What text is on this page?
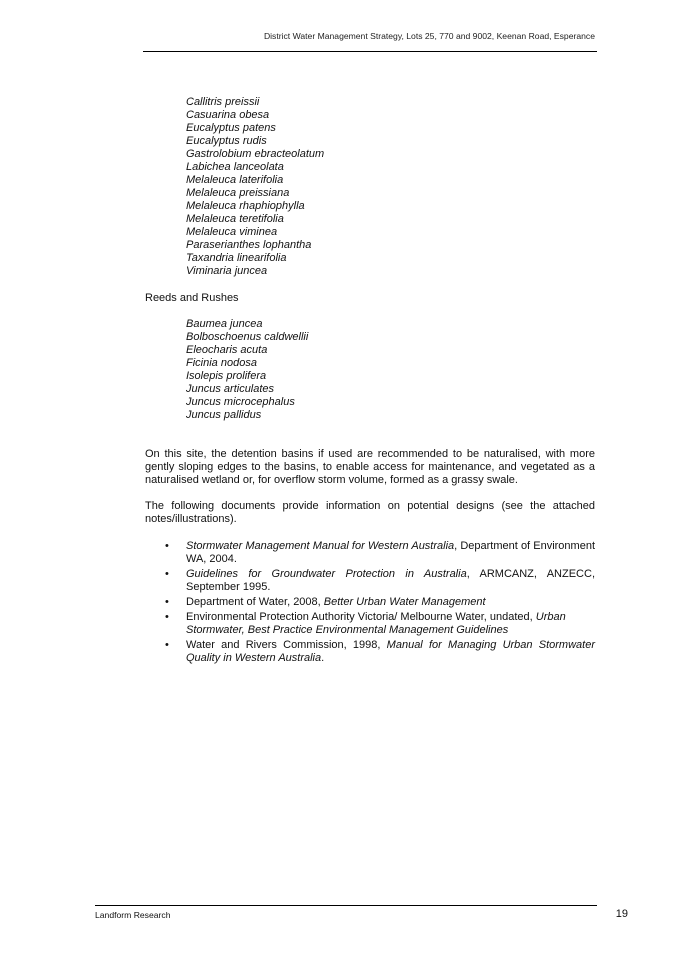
District Water Management Strategy, Lots 25, 770 and 9002, Keenan Road, Esperance
Callitris preissii
Casuarina obesa
Eucalyptus patens
Eucalyptus rudis
Gastrolobium ebracteolatum
Labichea lanceolata
Melaleuca laterifolia
Melaleuca preissiana
Melaleuca rhaphiophylla
Melaleuca teretifolia
Melaleuca viminea
Paraserianthes lophantha
Taxandria linearifolia
Viminaria juncea
Reeds and Rushes
Baumea juncea
Bolboschoenus caldwellii
Eleocharis acuta
Ficinia nodosa
Isolepis prolifera
Juncus articulates
Juncus microcephalus
Juncus pallidus

On this site, the detention basins if used are recommended to be naturalised, with more gently sloping edges to the basins, to enable access for maintenance, and vegetated as a naturalised wetland or, for overflow storm volume, formed as a grassy swale.

The following documents provide information on potential designs (see the attached notes/illustrations).

• Stormwater Management Manual for Western Australia, Department of Environment WA, 2004.
• Guidelines for Groundwater Protection in Australia, ARMCANZ, ANZECC, September 1995.
• Department of Water, 2008, Better Urban Water Management
• Environmental Protection Authority Victoria/ Melbourne Water, undated, Urban Stormwater, Best Practice Environmental Management Guidelines
• Water and Rivers Commission, 1998, Manual for Managing Urban Stormwater Quality in Western Australia.
Landform Research	19
